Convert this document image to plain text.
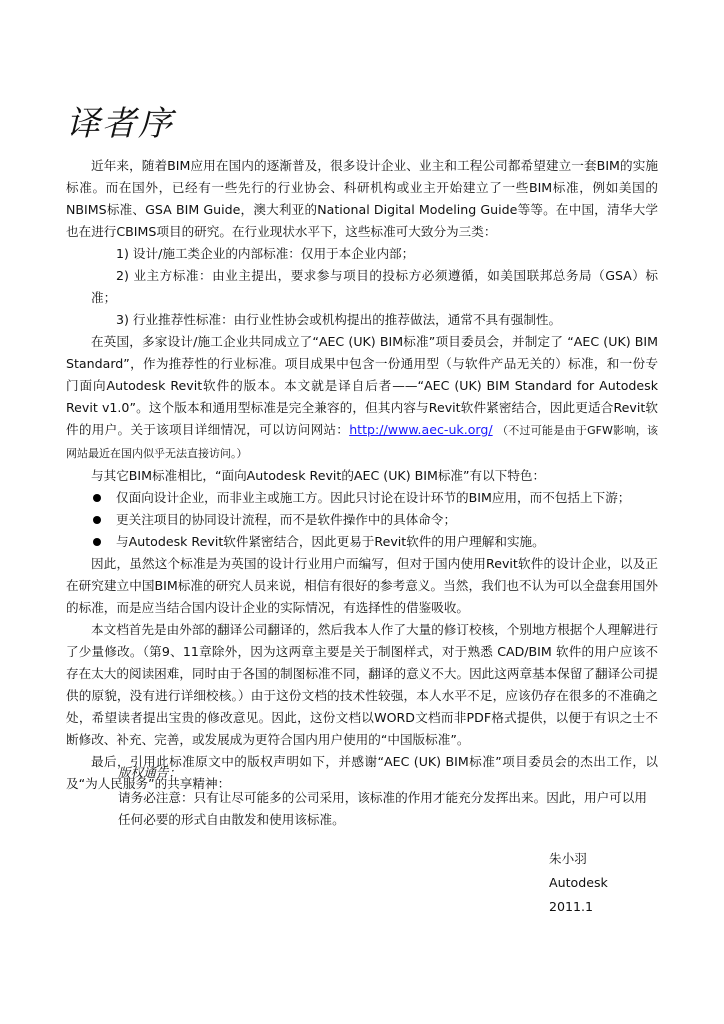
译者序

近年来，随着BIM应用在国内的逐渐普及，很多设计企业、业主和工程公司都希望建立一套BIM的实施标准。而在国外，已经有一些先行的行业协会、科研机构或业主开始建立了一些BIM标准，例如美国的NBIMS标准、GSA BIM Guide，澳大利亚的National Digital Modeling Guide等等。在中国，清华大学也在进行CBIMS项目的研究。在行业现状水平下，这些标准可大致分为三类：

1) 设计/施工类企业的内部标准：仅用于本企业内部；

2) 业主方标准：由业主提出，要求参与项目的投标方必须遵循，如美国联邦总务局（GSA）标准；

3) 行业推荐性标准：由行业性协会或机构提出的推荐做法，通常不具有强制性。

在英国，多家设计/施工企业共同成立了“AEC (UK) BIM标准”项目委员会，并制定了 “AEC (UK) BIM Standard”，作为推荐性的行业标准。项目成果中包含一份通用型（与软件产品无关的）标准，和一份专门面向Autodesk Revit软件的版本。本文就是译自后者——“AEC (UK) BIM Standard for Autodesk Revit v1.0”。这个版本和通用型标准是完全兼容的，但其内容与Revit软件紧密结合，因此更适合Revit软件的用户。关于该项目详细情况，可以访问网站：http://www.aec-uk.org/ （不过可能是由于GFW影响，该网站最近在国内似乎无法直接访问。）

与其它BIM标准相比，“面向Autodesk Revit的AEC (UK) BIM标准”有以下特色：

仅面向设计企业，而非业主或施工方。因此只讨论在设计环节的BIM应用，而不包括上下游；
更关注项目的协同设计流程，而不是软件操作中的具体命令；
与Autodesk Revit软件紧密结合，因此更易于Revit软件的用户理解和实施。

因此，虽然这个标准是为英国的设计行业用户而编写，但对于国内使用Revit软件的设计企业，以及正在研究建立中国BIM标准的研究人员来说，相信有很好的参考意义。当然，我们也不认为可以全盘套用国外的标准，而是应当结合国内设计企业的实际情况，有选择性的借鉴吸收。

本文档首先是由外部的翻译公司翻译的，然后我本人作了大量的修订校核，个别地方根据个人理解进行了少量修改。（第9、11章除外，因为这两章主要是关于制图样式，对于熟悉 CAD/BIM 软件的用户应该不存在太大的阅读困难，同时由于各国的制图标准不同，翻译的意义不大。因此这两章基本保留了翻译公司提供的原貌，没有进行详细校核。）由于这份文档的技术性较强，本人水平不足，应该仍存在很多的不准确之处，希望读者提出宝贵的修改意见。因此，这份文档以WORD文档而非PDF格式提供，以便于有识之士不断修改、补充、完善，或发展成为更符合国内用户使用的“中国版标准”。

最后，引用此标准原文中的版权声明如下，并感谢“AEC (UK) BIM标准”项目委员会的杰出工作，以及“为人民服务”的共享精神：

版权通告：
请务必注意：只有让尽可能多的公司采用，该标准的作用才能充分发挥出来。因此，用户可以用任何必要的形式自由散发和使用该标准。
朱小羽
Autodesk
2011.1
